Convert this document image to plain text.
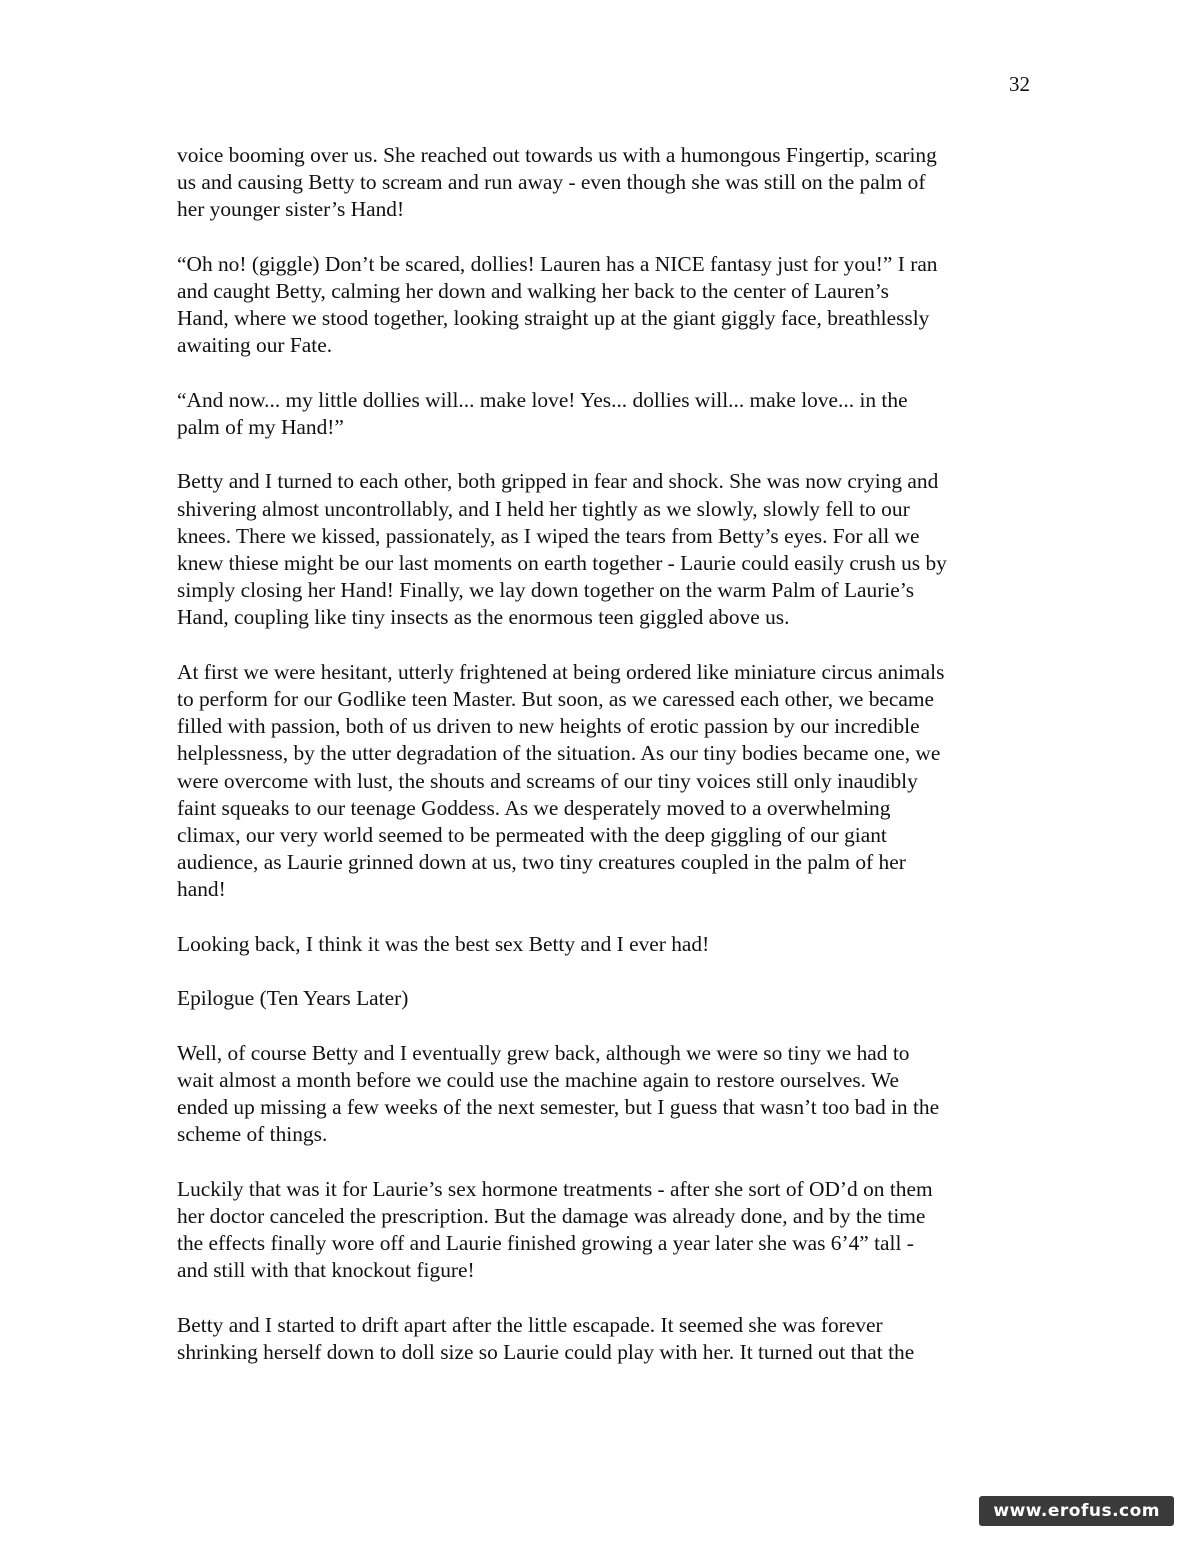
32
voice booming over us. She reached out towards us with a humongous Fingertip, scaring
us and causing Betty to scream and run away - even though she was still on the palm of
her younger sister’s Hand!
“Oh no! (giggle) Don’t be scared, dollies! Lauren has a NICE fantasy just for you!” I ran
and caught Betty, calming her down and walking her back to the center of Lauren’s
Hand, where we stood together, looking straight up at the giant giggly face, breathlessly
awaiting our Fate.
“And now... my little dollies will... make love! Yes... dollies will... make love... in the
palm of my Hand!”
Betty and I turned to each other, both gripped in fear and shock. She was now crying and
shivering almost uncontrollably, and I held her tightly as we slowly, slowly fell to our
knees. There we kissed, passionately, as I wiped the tears from Betty’s eyes. For all we
knew thiese might be our last moments on earth together - Laurie could easily crush us by
simply closing her Hand! Finally, we lay down together on the warm Palm of Laurie’s
Hand, coupling like tiny insects as the enormous teen giggled above us.
At first we were hesitant, utterly frightened at being ordered like miniature circus animals
to perform for our Godlike teen Master. But soon, as we caressed each other, we became
filled with passion, both of us driven to new heights of erotic passion by our incredible
helplessness, by the utter degradation of the situation. As our tiny bodies became one, we
were overcome with lust, the shouts and screams of our tiny voices still only inaudibly
faint squeaks to our teenage Goddess. As we desperately moved to a overwhelming
climax, our very world seemed to be permeated with the deep giggling of our giant
audience, as Laurie grinned down at us, two tiny creatures coupled in the palm of her
hand!
Looking back, I think it was the best sex Betty and I ever had!
Epilogue (Ten Years Later)
Well, of course Betty and I eventually grew back, although we were so tiny we had to
wait almost a month before we could use the machine again to restore ourselves. We
ended up missing a few weeks of the next semester, but I guess that wasn’t too bad in the
scheme of things.
Luckily that was it for Laurie’s sex hormone treatments - after she sort of OD’d on them
her doctor canceled the prescription. But the damage was already done, and by the time
the effects finally wore off and Laurie finished growing a year later she was 6’4” tall -
and still with that knockout figure!
Betty and I started to drift apart after the little escapade. It seemed she was forever
shrinking herself down to doll size so Laurie could play with her. It turned out that the
www.erofus.com
